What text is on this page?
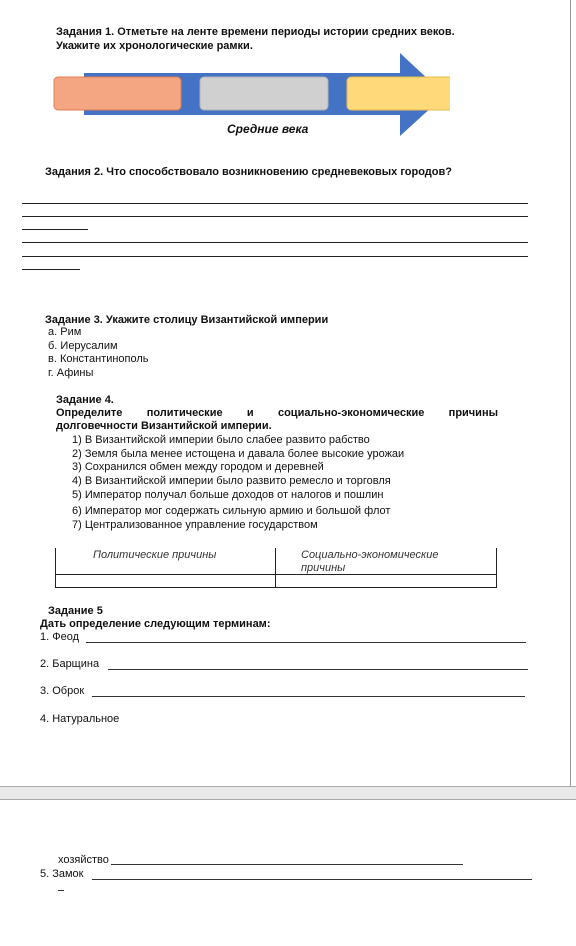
Задания 1. Отметьте на ленте времени периоды истории средних веков.
Укажите их хронологические рамки.
Средние века
Задания 2. Что способствовало возникновению средневековых городов?
Задание 3. Укажите столицу Византийской империи
а. Рим
б. Иерусалим
в. Константинополь
г. Афины
Задание 4.
Определите политические и социально-экономические причины
долговечности Византийской империи.
1) В Византийской империи было слабее развито рабство
2) Земля была менее истощена и давала более высокие урожаи
3) Сохранился обмен между городом и деревней
4) В Византийской империи было развито ремесло и торговля
5) Император получал больше доходов от налогов и пошлин
6) Император мог содержать сильную армию и большой флот
7) Централизованное управление государством
Политические причины	Социально-экономические
причины
Задание 5
Дать определение следующим терминам:
1. Феод
2. Барщина
3. Оброк
4. Натуральное
хозяйство
5. Замок
